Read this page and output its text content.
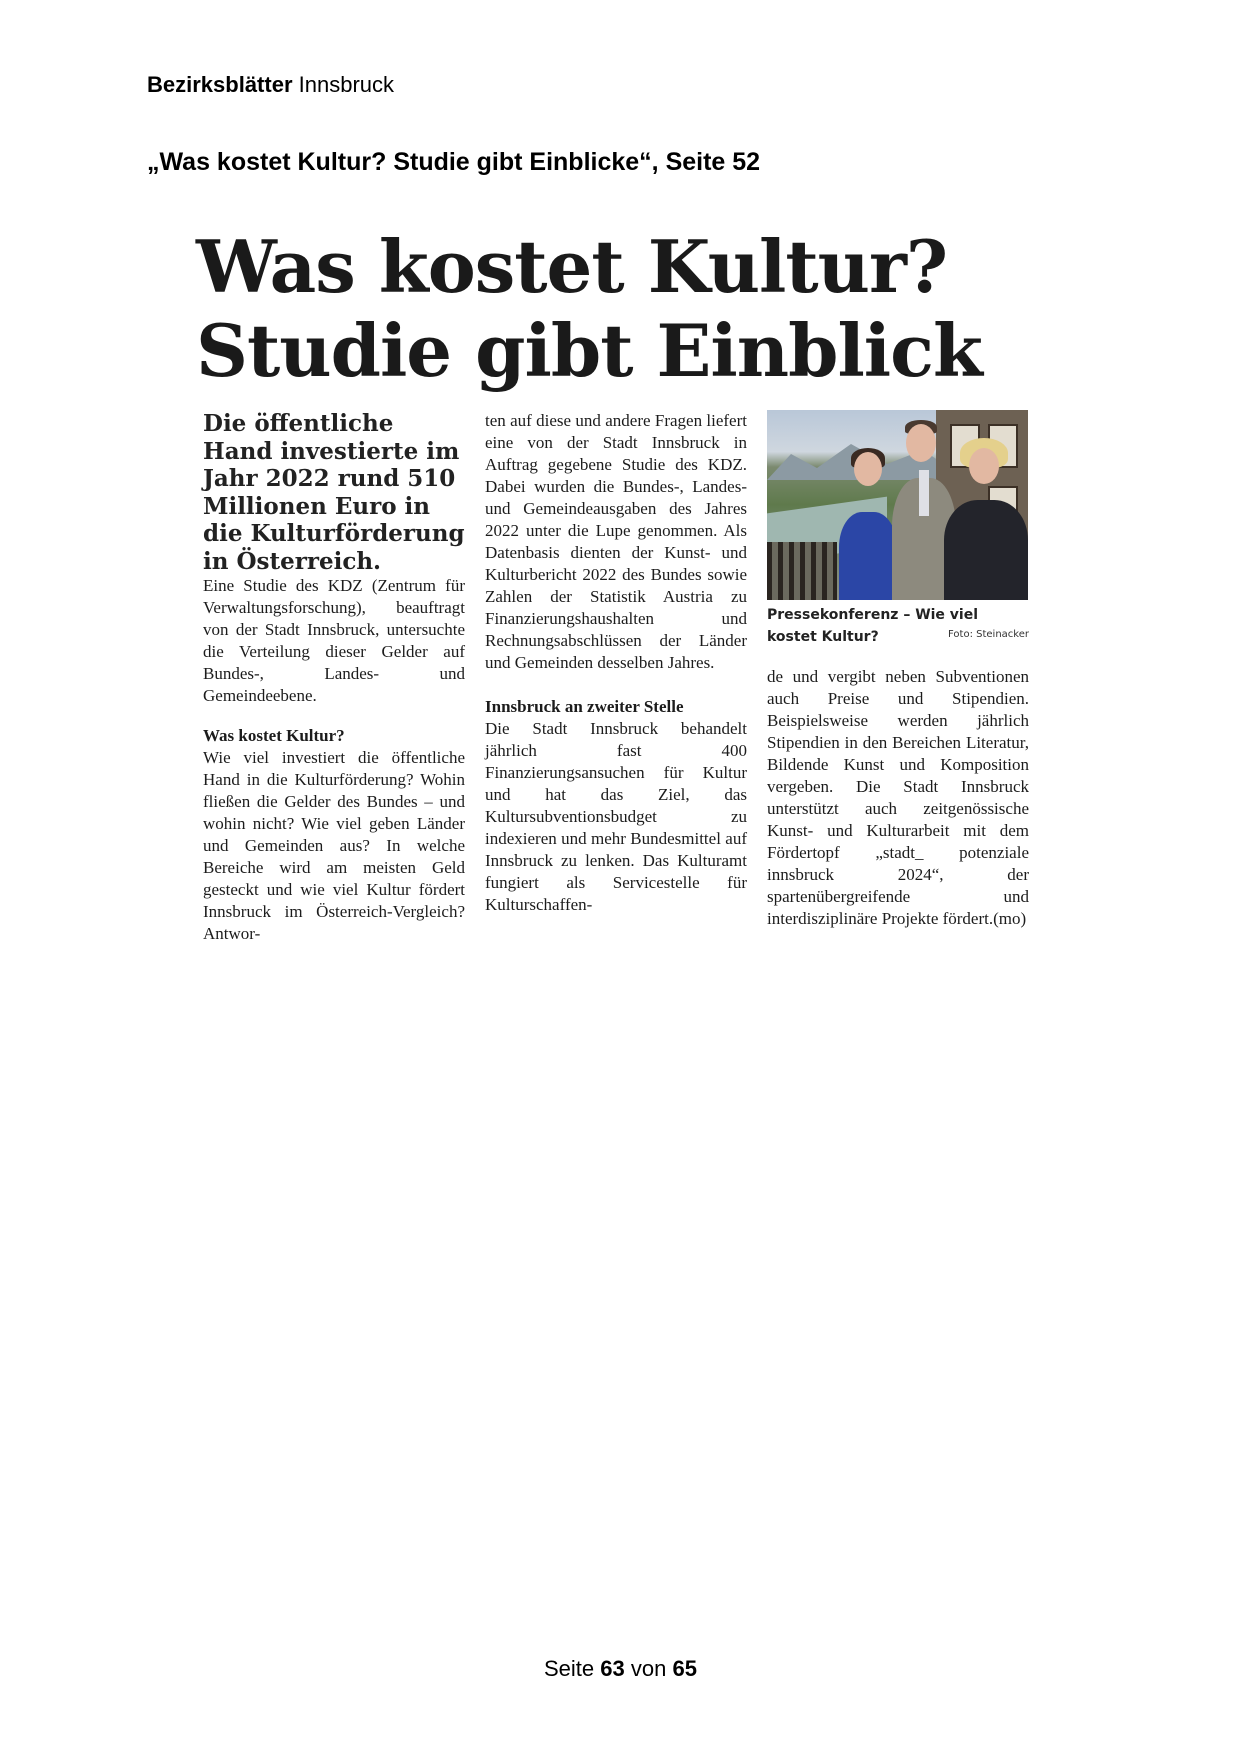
Bezirksblätter Innsbruck
„Was kostet Kultur? Studie gibt Einblicke“, Seite 52
Was kostet Kultur?
Studie gibt Einblick

Die öffentliche Hand investierte im Jahr 2022 rund 510 Millionen Euro in die Kulturförderung in Österreich.

Eine Studie des KDZ (Zentrum für Verwaltungsforschung), beauftragt von der Stadt Innsbruck, untersuchte die Verteilung dieser Gelder auf Bundes-, Landes- und Gemeindeebene.

Was kostet Kultur?

Wie viel investiert die öffentliche Hand in die Kulturförderung? Wohin fließen die Gelder des Bundes – und wohin nicht? Wie viel geben Länder und Gemeinden aus? In welche Bereiche wird am meisten Geld gesteckt und wie viel Kultur fördert Innsbruck im Österreich-Vergleich? Antwor-

ten auf diese und andere Fragen liefert eine von der Stadt Innsbruck in Auftrag gegebene Studie des KDZ. Dabei wurden die Bundes-, Landes- und Gemeindeausgaben des Jahres 2022 unter die Lupe genommen. Als Datenbasis dienten der Kunst- und Kulturbericht 2022 des Bundes sowie Zahlen der Statistik Austria zu Finanzierungshaushalten und Rechnungsabschlüssen der Länder und Gemeinden desselben Jahres.

Innsbruck an zweiter Stelle

Die Stadt Innsbruck behandelt jährlich fast 400 Finanzierungsansuchen für Kultur und hat das Ziel, das Kultursubventionsbudget zu indexieren und mehr Bundesmittel auf Innsbruck zu lenken. Das Kulturamt fungiert als Servicestelle für Kulturschaffen-

Pressekonferenz – Wie viel kostet Kultur?	Foto: Steinacker

de und vergibt neben Subventionen auch Preise und Stipendien. Beispielsweise werden jährlich Stipendien in den Bereichen Literatur, Bildende Kunst und Komposition vergeben. Die Stadt Innsbruck unterstützt auch zeitgenössische Kunst- und Kulturarbeit mit dem Fördertopf „stadt_ potenziale innsbruck 2024“, der spartenübergreifende und interdisziplinäre Projekte fördert.(mo)

Seite 63 von 65
